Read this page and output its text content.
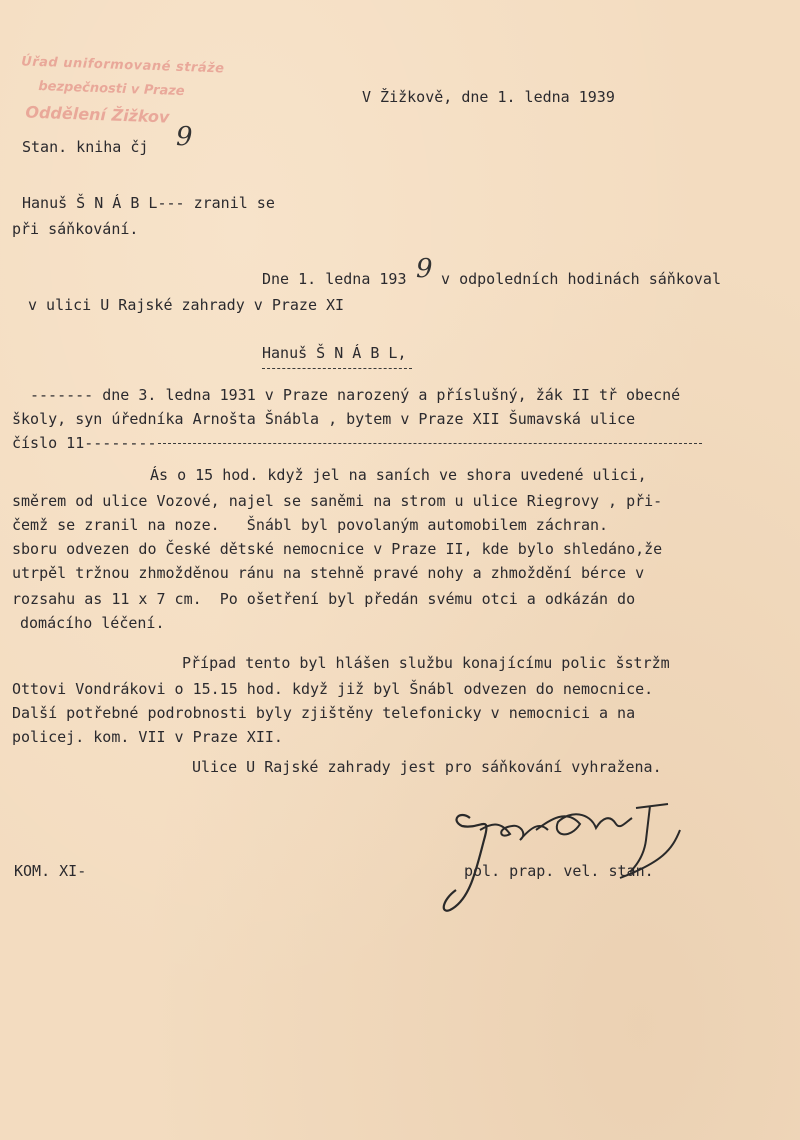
Úřad uniformované stráže
bezpečnosti v Praze
Oddělení Žižkov
V Žižkově, dne 1. ledna 1939
Stan. kniha čj 9
Hanuš Š N Á B L--- zranil se
při sáňkování.
Dne 1. ledna 193 9 v odpoledních hodinách sáňkoval
v ulici U Rajské zahrady v Praze XI
Hanuš Š N Á B L,
------- dne 3. ledna 1931 v Praze narozený a příslušný, žák II tř obecné
školy, syn úředníka Arnošta Šnábla , bytem v Praze XII Šumavská ulice
číslo 11--------
Ás o 15 hod. když jel na saních ve shora uvedené ulici,
směrem od ulice Vozové, najel se saněmi na strom u ulice Riegrovy , při-
čemž se zranil na noze.   Šnábl byl povolaným automobilem záchran.
sboru odvezen do České dětské nemocnice v Praze II, kde bylo shledáno,že
utrpěl tržnou zhmožděnou ránu na stehně pravé nohy a zhmoždění bérce v
rozsahu as 11 x 7 cm.  Po ošetření byl předán svému otci a odkázán do
domácího léčení.
Případ tento byl hlášen službu konajícímu polic šstržm
Ottovi Vondrákovi o 15.15 hod. když již byl Šnábl odvezen do nemocnice.
Další potřebné podrobnosti byly zjištěny telefonicky v nemocnici a na
policej. kom. VII v Praze XII.
Ulice U Rajské zahrady jest pro sáňkování vyhražena.
KOM. XI-	pol. prap. vel. stan.
